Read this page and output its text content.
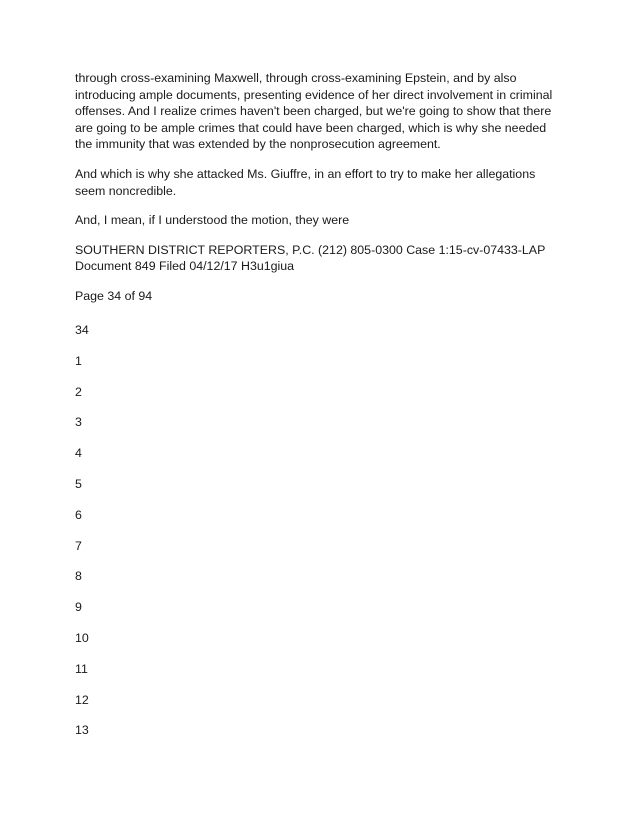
through cross-examining Maxwell, through cross-examining Epstein, and by also introducing ample documents, presenting evidence of her direct involvement in criminal offenses. And I realize crimes haven't been charged, but we're going to show that there are going to be ample crimes that could have been charged, which is why she needed the immunity that was extended by the nonprosecution agreement.

And which is why she attacked Ms. Giuffre, in an effort to try to make her allegations seem noncredible.

And, I mean, if I understood the motion, they were

SOUTHERN DISTRICT REPORTERS, P.C. (212) 805-0300 Case 1:15-cv-07433-LAP Document 849 Filed 04/12/17 H3u1giua

Page 34 of 94

34
1
2
3
4
5
6
7
8
9
10
11
12
13
